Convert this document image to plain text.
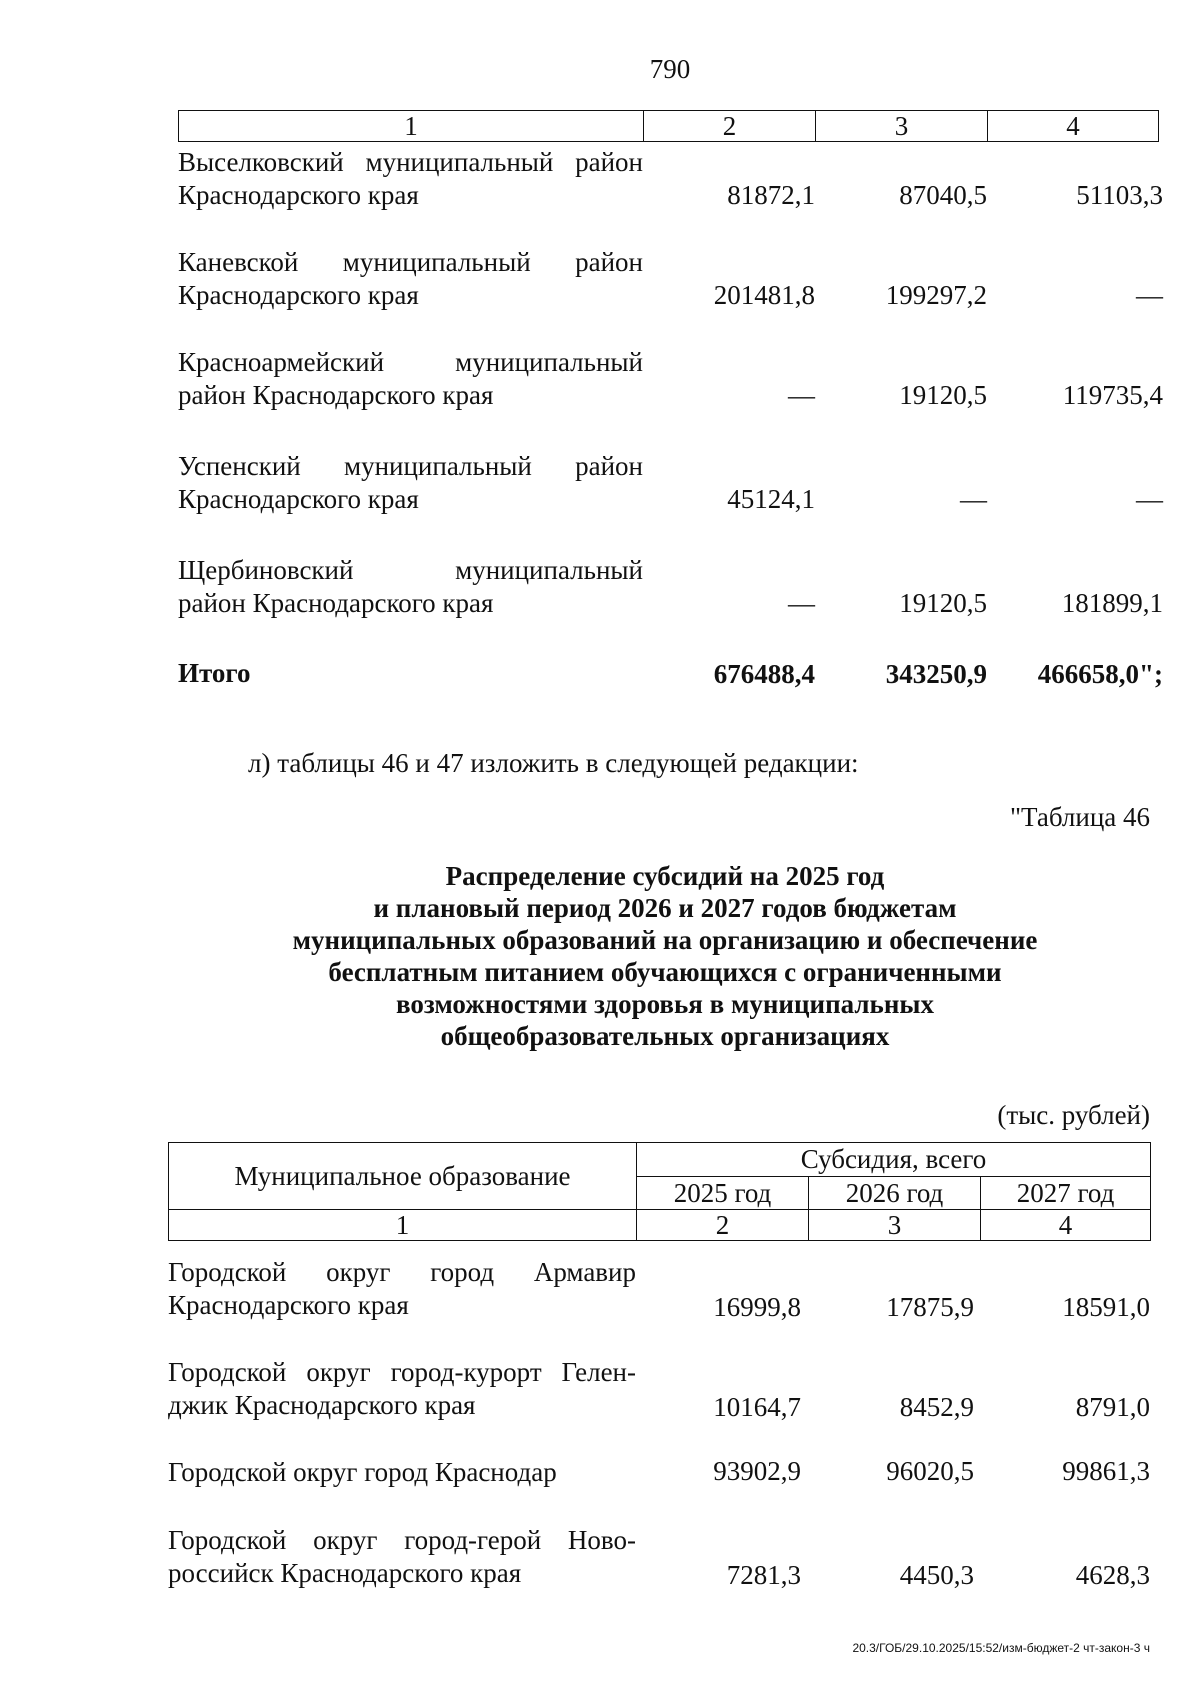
790
1	2	3	4
Выселковский муниципальный район
Краснодарского края	81872,1	87040,5	51103,3
Каневской муниципальный район
Краснодарского края	201481,8	199297,2	—
Красноармейский муниципальный
район Краснодарского края	—	19120,5	119735,4
Успенский муниципальный район
Краснодарского края	45124,1	—	—
Щербиновский муниципальный
район Краснодарского края	—	19120,5	181899,1
Итого	676488,4	343250,9	466658,0";
л) таблицы 46 и 47 изложить в следующей редакции:
"Таблица 46
Распределение субсидий на 2025 год
и плановый период 2026 и 2027 годов бюджетам
муниципальных образований на организацию и обеспечение
бесплатным питанием обучающихся с ограниченными
возможностями здоровья в муниципальных
общеобразовательных организациях
(тыс. рублей)
Муниципальное образование	Субсидия, всего		
	2025 год	2026 год	2027 год
1	2	3	4
Городской округ город Армавир
Краснодарского края	16999,8	17875,9	18591,0
Городской округ город-курорт Гелен-
джик Краснодарского края	10164,7	8452,9	8791,0
Городской округ город Краснодар	93902,9	96020,5	99861,3
Городской округ город-герой Ново-
российск Краснодарского края	7281,3	4450,3	4628,3
20.3/ГОБ/29.10.2025/15:52/изм-бюджет-2 чт-закон-3 ч
